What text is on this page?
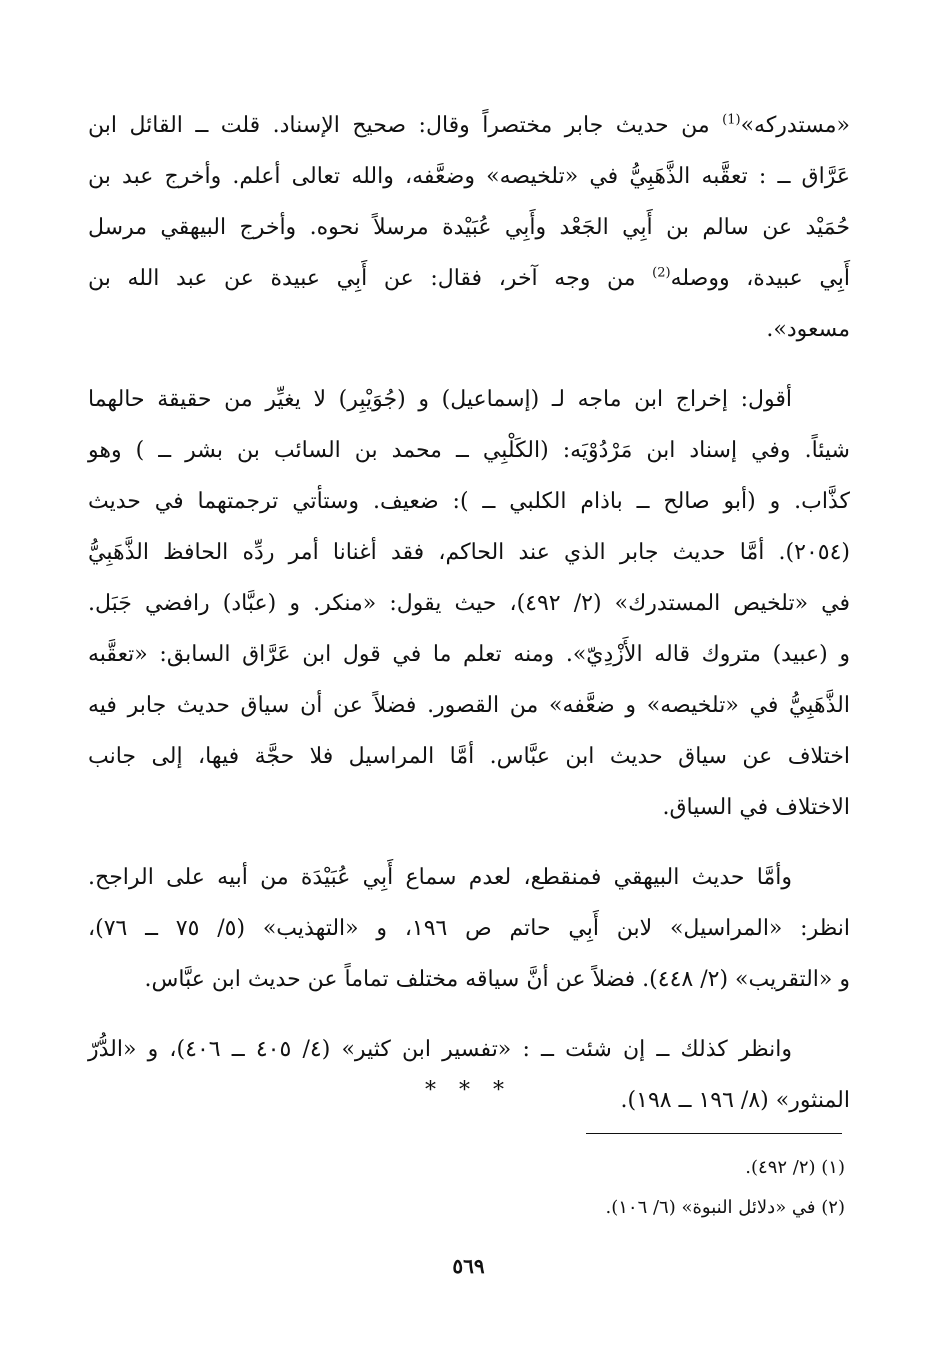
«مستدركه»$^{(1)}$ من حديث جابر مختصراً وقال: صحيح الإسناد. قلت ــ القائل ابن
عَرَّاق ــ : تعقَّبه الذَّهَبِيُّ في «تلخيصه» وضعَّفه، والله تعالى أعلم. وأخرج عبد بن
حُمَيْد عن سالم بن أَبِي الجَعْد وأَبِي عُبَيْدة مرسلاً نحوه. وأخرج البيهقي مرسل
أَبِي عبيدة، ووصله$^{(2)}$ من وجه آخر، فقال: عن أَبِي عبيدة عن عبد الله بن
مسعود».
أقول: إخراج ابن ماجه لـ (إسماعيل) و (جُوَيْبِر) لا يغيِّر من حقيقة حالهما
شيئاً. وفي إسناد ابن مَرْدُوْيَه: (الكَلْبِي ــ محمد بن السائب بن بشر ــ ) وهو
كذَّاب. و (أبو صالح ــ باذام الكلبي ــ ): ضعيف. وستأتي ترجمتهما في حديث
(٢٠٥٤). أمَّا حديث جابر الذي عند الحاكم، فقد أغنانا أمر ردِّه الحافظ الذَّهَبِيُّ
في «تلخيص المستدرك» (٢/ ٤٩٢)، حيث يقول: «منكر. و (عبَّاد) رافضي جَبَل.
و (عبيد) متروك قاله الأَزْدِيّ». ومنه تعلم ما في قول ابن عَرَّاق السابق: «تعقَّبه
الذَّهَبِيُّ في «تلخيصه» و ضعَّفه» من القصور. فضلاً عن أن سياق حديث جابر فيه
اختلاف عن سياق حديث ابن عبَّاس. أمَّا المراسيل فلا حجَّة فيها، إلى جانب
الاختلاف في السياق.
وأمَّا حديث البيهقي فمنقطع، لعدم سماع أَبِي عُبَيْدَة من أبيه على الراجح.
انظر: «المراسيل» لابن أَبِي حاتم ص ١٩٦، و «التهذيب» (٥/ ٧٥ ــ ٧٦)،
و «التقريب» (٢/ ٤٤٨). فضلاً عن أنَّ سياقه مختلف تماماً عن حديث ابن عبَّاس.
وانظر كذلك ــ إن شئت ــ : «تفسير ابن كثير» (٤/ ٤٠٥ ــ ٤٠٦)، و «الدُّرّ
المنثور» (٨/ ١٩٦ ــ ١٩٨).
* * *
(١) (٢/ ٤٩٢).
(٢) في «دلائل النبوة» (٦/ ١٠٦).
٥٦٩
